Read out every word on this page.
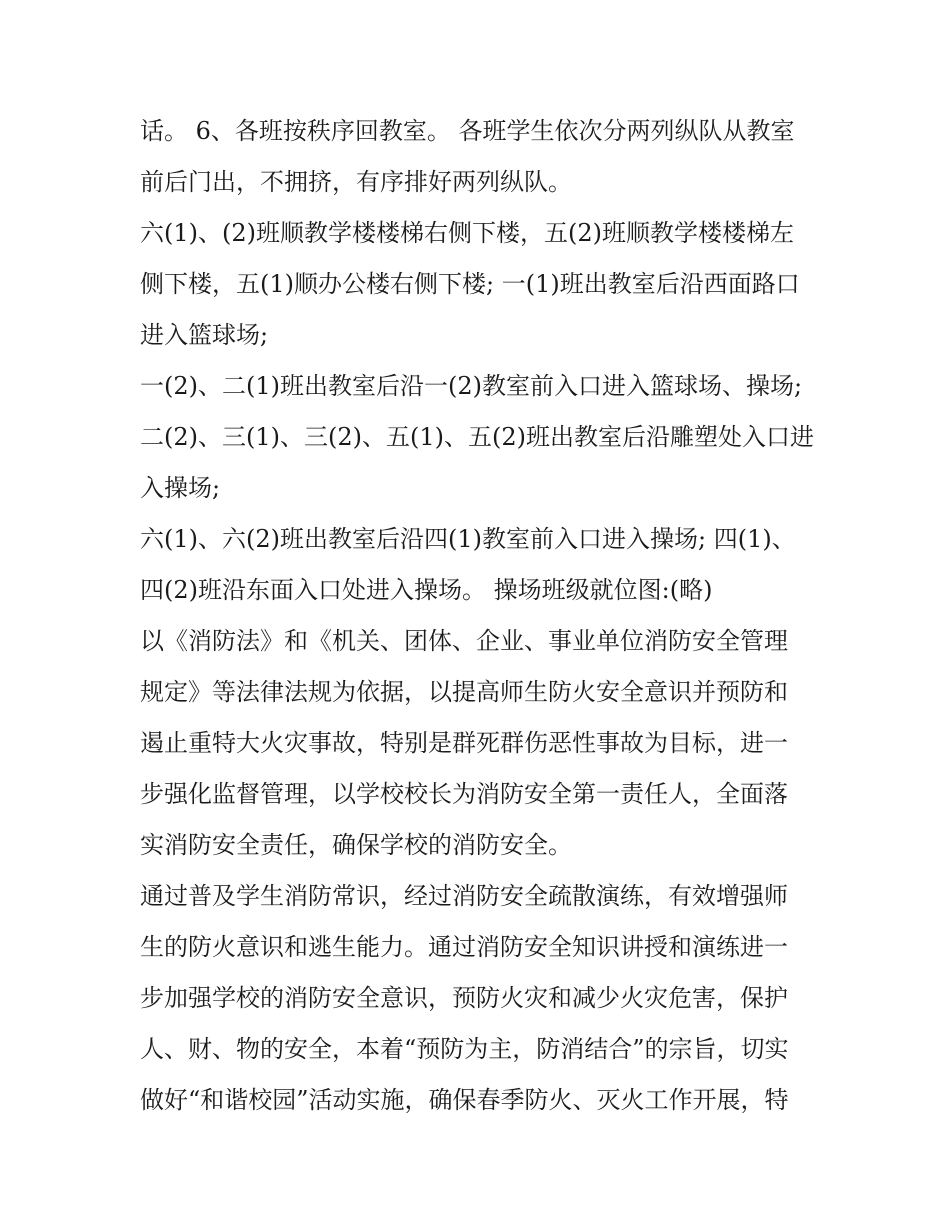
话。 6、各班按秩序回教室。 各班学生依次分两列纵队从教室
前后门出，不拥挤，有序排好两列纵队。

六(1)、(2)班顺教学楼楼梯右侧下楼，五(2)班顺教学楼楼梯左
侧下楼，五(1)顺办公楼右侧下楼; 一(1)班出教室后沿西面路口
进入篮球场;

一(2)、二(1)班出教室后沿一(2)教室前入口进入篮球场、操场;

二(2)、三(1)、三(2)、五(1)、五(2)班出教室后沿雕塑处入口进
入操场;

六(1)、六(2)班出教室后沿四(1)教室前入口进入操场; 四(1)、
四(2)班沿东面入口处进入操场。 操场班级就位图:(略)

以《消防法》和《机关、团体、企业、事业单位消防安全管理
规定》等法律法规为依据，以提高师生防火安全意识并预防和
遏止重特大火灾事故，特别是群死群伤恶性事故为目标，进一
步强化监督管理，以学校校长为消防安全第一责任人，全面落
实消防安全责任，确保学校的消防安全。

通过普及学生消防常识，经过消防安全疏散演练，有效增强师
生的防火意识和逃生能力。通过消防安全知识讲授和演练进一
步加强学校的消防安全意识，预防火灾和减少火灾危害，保护
人、财、物的安全，本着“预防为主，防消结合”的宗旨，切实
做好“和谐校园”活动实施，确保春季防火、灭火工作开展，特
